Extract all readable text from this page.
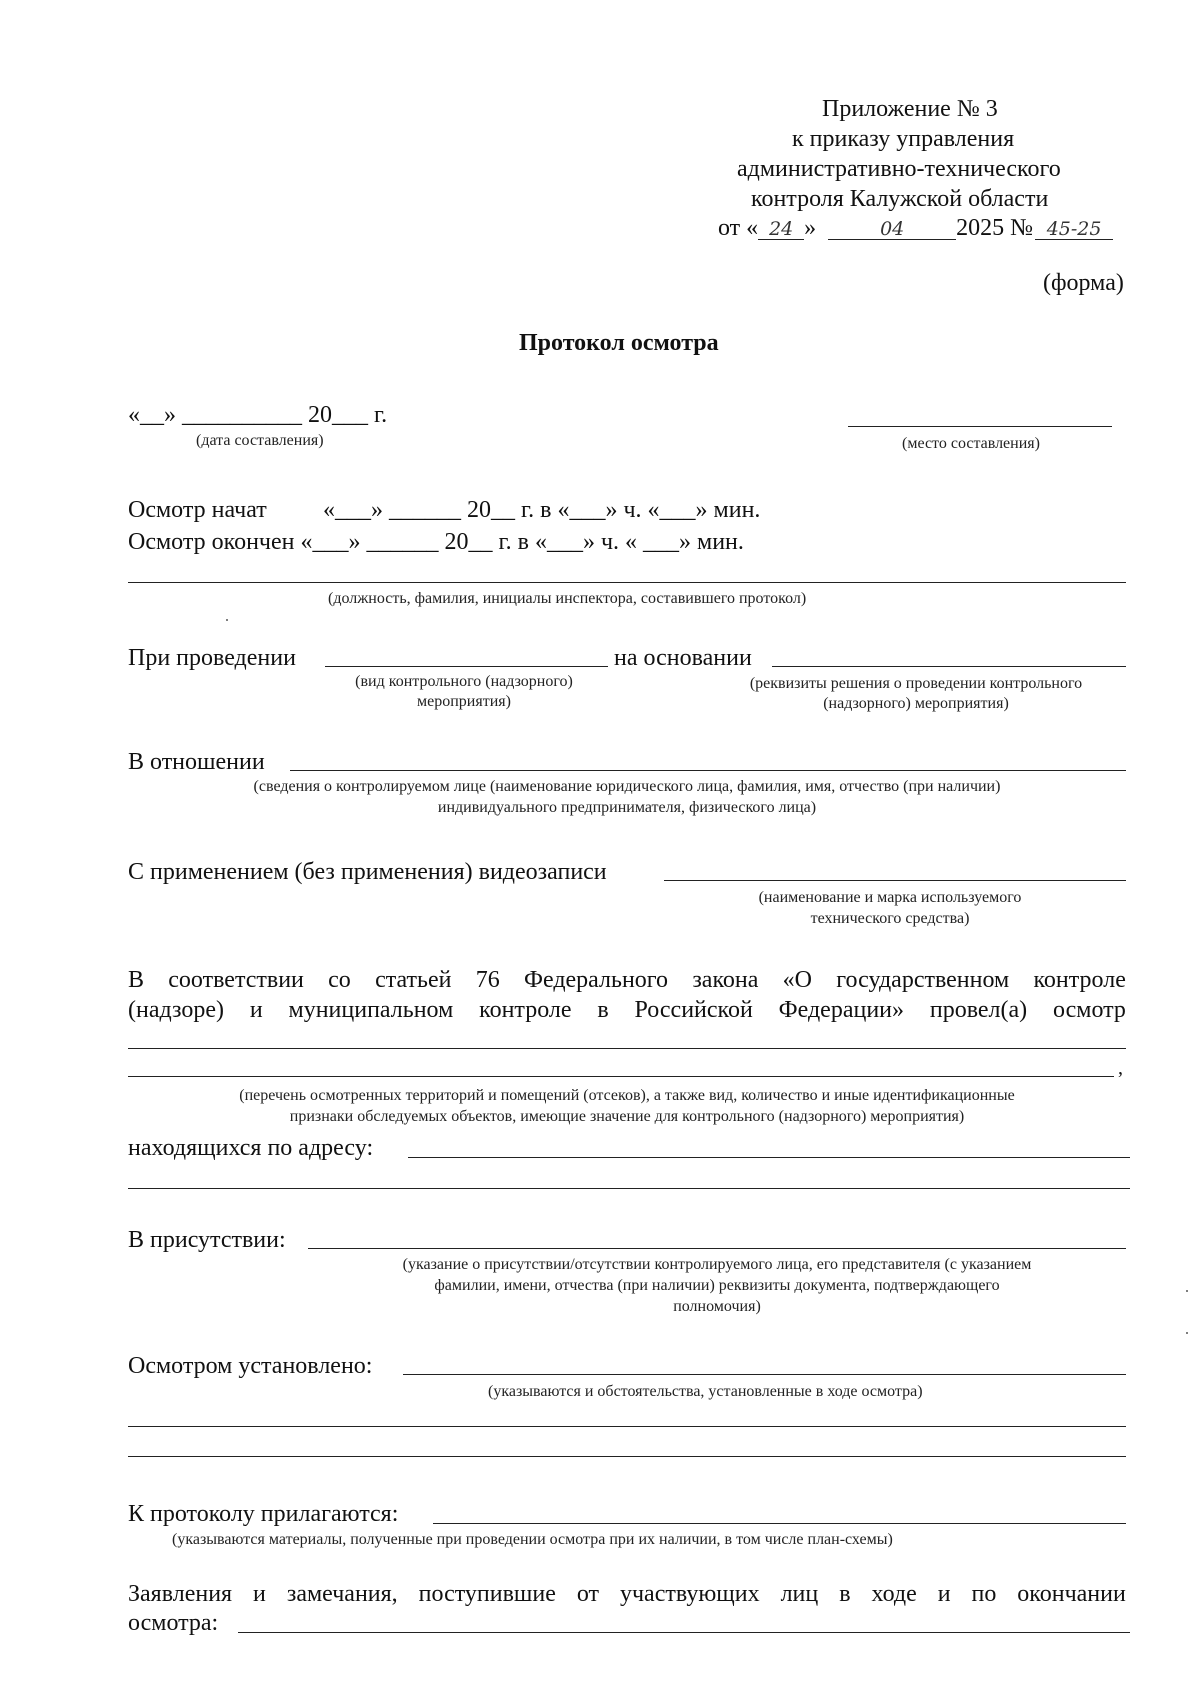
Приложение № 3
к приказу управления
административно-технического
контроля Калужской области
от « 24 »	04 2025 № 45-25
(форма)
Протокол осмотра
«__» __________ 20___ г.
(дата составления)	(место составления)
Осмотр начат «___» ______ 20__ г. в «___» ч. «___» мин.
Осмотр окончен «___» ______ 20__ г. в «___» ч. « ___» мин.
(должность, фамилия, инициалы инспектора, составившего протокол)
При проведении	на основании
(вид контрольного (надзорного)
мероприятия)
(реквизиты решения о проведении контрольного
(надзорного) мероприятия)
В отношении
(сведения о контролируемом лице (наименование юридического лица, фамилия, имя, отчество (при наличии)
индивидуального предпринимателя, физического лица)
С применением (без применения) видеозаписи
(наименование и марка используемого
технического средства)
В соответствии со статьей 76 Федерального закона «О государственном контроле
(надзоре) и муниципальном контроле в Российской Федерации» провел(а) осмотр
,
(перечень осмотренных территорий и помещений (отсеков), а также вид, количество и иные идентификационные
признаки обследуемых объектов, имеющие значение для контрольного (надзорного) мероприятия)
находящихся по адресу:
В присутствии:
(указание о присутствии/отсутствии контролируемого лица, его представителя (с указанием
фамилии, имени, отчества (при наличии) реквизиты документа, подтверждающего
полномочия)
Осмотром установлено:
(указываются и обстоятельства, установленные в ходе осмотра)
К протоколу прилагаются:
(указываются материалы, полученные при проведении осмотра при их наличии, в том числе план-схемы)
Заявления и замечания, поступившие от участвующих лиц в ходе и по окончании
осмотра:
